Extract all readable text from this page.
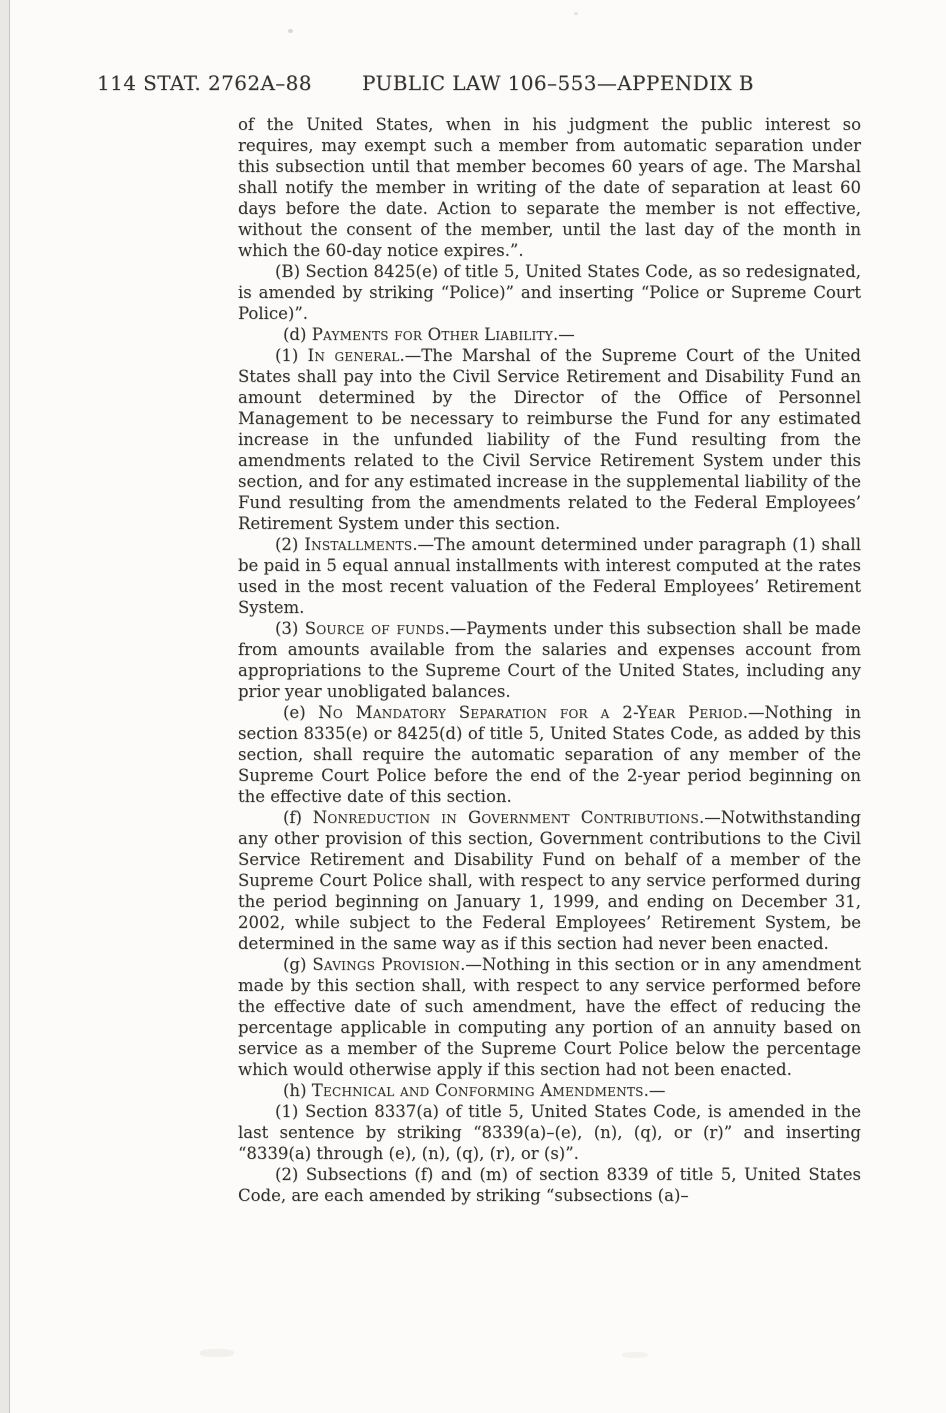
114 STAT. 2762A–88	PUBLIC LAW 106–553—APPENDIX B

of the United States, when in his judgment the public interest so requires, may exempt such a member from automatic separation under this subsection until that member becomes 60 years of age. The Marshal shall notify the member in writing of the date of separation at least 60 days before the date. Action to separate the member is not effective, without the consent of the member, until the last day of the month in which the 60-day notice expires.”.

(B) Section 8425(e) of title 5, United States Code, as so redesignated, is amended by striking “Police)” and inserting “Police or Supreme Court Police)”.

(d) Payments for Other Liability.—

(1) In general.—The Marshal of the Supreme Court of the United States shall pay into the Civil Service Retirement and Disability Fund an amount determined by the Director of the Office of Personnel Management to be necessary to reimburse the Fund for any estimated increase in the unfunded liability of the Fund resulting from the amendments related to the Civil Service Retirement System under this section, and for any estimated increase in the supplemental liability of the Fund resulting from the amendments related to the Federal Employees’ Retirement System under this section.

(2) Installments.—The amount determined under paragraph (1) shall be paid in 5 equal annual installments with interest computed at the rates used in the most recent valuation of the Federal Employees’ Retirement System.

(3) Source of funds.—Payments under this subsection shall be made from amounts available from the salaries and expenses account from appropriations to the Supreme Court of the United States, including any prior year unobligated balances.

(e) No Mandatory Separation for a 2-Year Period.—Nothing in section 8335(e) or 8425(d) of title 5, United States Code, as added by this section, shall require the automatic separation of any member of the Supreme Court Police before the end of the 2-year period beginning on the effective date of this section.

(f) Nonreduction in Government Contributions.—Notwithstanding any other provision of this section, Government contributions to the Civil Service Retirement and Disability Fund on behalf of a member of the Supreme Court Police shall, with respect to any service performed during the period beginning on January 1, 1999, and ending on December 31, 2002, while subject to the Federal Employees’ Retirement System, be determined in the same way as if this section had never been enacted.

(g) Savings Provision.—Nothing in this section or in any amendment made by this section shall, with respect to any service performed before the effective date of such amendment, have the effect of reducing the percentage applicable in computing any portion of an annuity based on service as a member of the Supreme Court Police below the percentage which would otherwise apply if this section had not been enacted.

(h) Technical and Conforming Amendments.—

(1) Section 8337(a) of title 5, United States Code, is amended in the last sentence by striking “8339(a)–(e), (n), (q), or (r)” and inserting “8339(a) through (e), (n), (q), (r), or (s)”.

(2) Subsections (f) and (m) of section 8339 of title 5, United States Code, are each amended by striking “subsections (a)–
